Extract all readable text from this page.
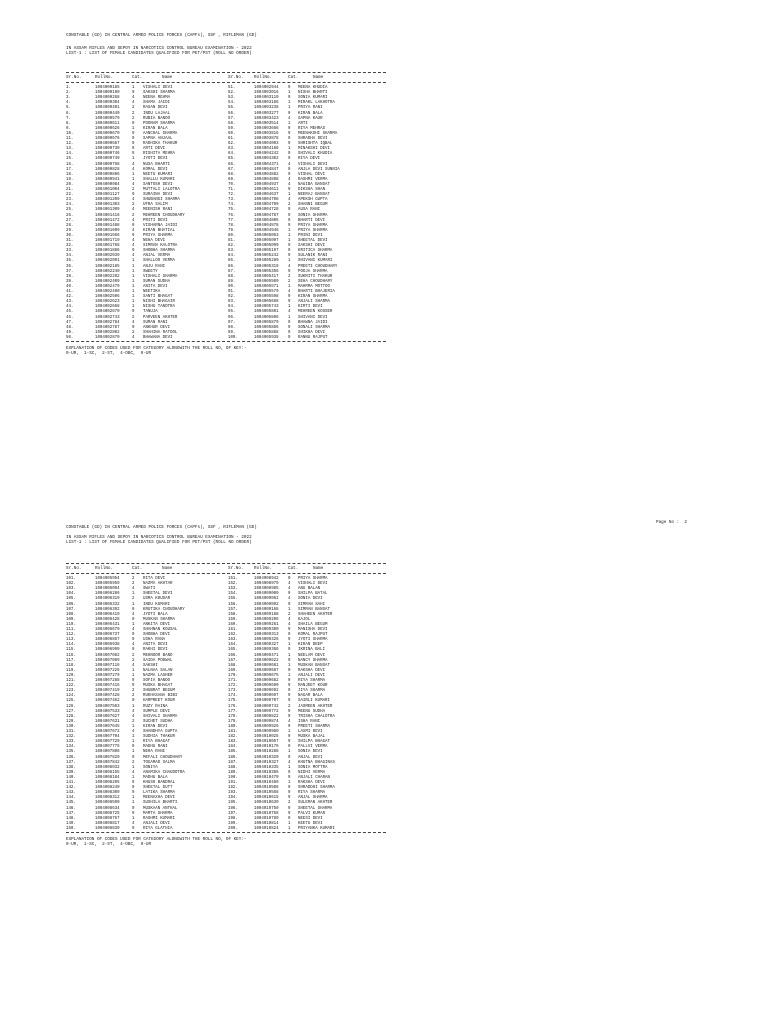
CONSTABLE (GD) IN CENTRAL ARMED POLICE FORCES (CAPFs), SSF , RIFLEMAN (GD)
IN ASSAM RIFLES AND SEPOY IN NARCOTICS CONTROL BUREAU EXAMINATION - 2022
LIST-1 : LIST OF FEMALE CANDIDATES QUALIFIED FOR PET/PST (ROLL NO ORDER)
Sr.No.	RollNo.	Cat.	Name	Sr.No. RollNo.	Cat.	Name
1.	1004000185	1 VISHALI DEVI	51.	1004002944 9 MEENA KHUDIA
2.	1004000190	9 SAKSHI SHARMA	52.	1004003016 1 NISHA BHARTI
3.	1004000268	4 NEENA REHMA	53.	1004003110 9 SONIA KUMARI
4.	1004000304	4 SHAMA JAIDI	54.	1004003186 1 MIRAKL LAKHOTRA
5.	1004000401	2 RASAN DEVI	55.	1004003238 1 PRIYA RANI
6.	1004000440	2 INDU LAJAAL	56.	1004003277 9 KIRAN BALA
7.	1004000579	2 RUBIA BANOO	57.	1004003423 4 SAPNA KAUR
8.	1004000611	9 POONAM SHARMA	58.	1004003514 1 ARTI
9.	1004000626	1 KIRAN BALA	59.	1004003666 9 RIYA MEHRAS
10.	1004000670	9 AANCHAL SHARMA	60.	1004003816 9 MEENAKSHI SHARMA
11.	1004000676	9 SAPNA ANJAAL	61.	1004003878 9 SHRADHA DEVI
12.	1004000687	9 RADHIKA THAKUR	62.	1004004003 9 SHRISHTA IQBAL
13.	1004000730	9 ARTI DEVI	63.	1004004186 1 MINAKSHI DEVI
14.	1004000746	9 RISHITA MEHRA	64.	1004004242 9 SHIVALI KHUDIA
15.	1004000749	1 JYOTI DEVI	65.	1004004302 9 RIYA DEVI
16.	1004000768	4 NUSA BHARTI	66.	1004004371 4 VISHALI DEVI
17.	1004000828	4 KOMAL DEVI	67.	1004004847 9 ANJLA DEVI SUNNIA
18.	1004000896	1 NEETU KUMARI	68.	1004004882 9 VISHAL DEVI
19.	1004000941	1 SHALLU KUMARI	69.	1004004898 4 RASHMI VERMA
20.	1004000984	4 SANTOSH DEVI	70.	1004004937 4 NAUIBA BANSAT
21.	1004001004	2 MUTTALI LALOTRA	71.	1004004611 9 DIKSHA SHAN
22.	1004001127	9 SURAINA DEVI	72.	1004004637 1 NEERAJ BANSAT
23.	1004001209	4 SHUBANGI SHARMA	73.	1004004708 4 APEKSH GUPTA
24.	1004001303	2 UFRA SALIM	74.	1004004709 2 SHANNI BEGUM
25.	1004001309	4 MEENISH RANI	75.	1004004728 9 AUSA RANI
26.	1004001416	2 MEHREEN CHOUDHARY	76.	1004004787 9 SONIA SHARMA
27.	1004001472	4 PRITI DEVI	77.	1004004805 9 BHARTI DEVI
28.	1004001488	9 VISHARNA JAIDI	78.	1004004878 9 PRIYA SHARMA
29.	1004001609	4 KIRAN BHATIAL	79.	1004004946 1 PRIYA SHARMA
30.	1004001666	9 PRIYA SHARMA	80.	1004005063 1 PRINI DEVI
31.	1004001719	4 NEHA DEVI	81.	1004005097 1 SHEETAL DEVI
32.	1004001766	4 SIMRAN KALOTRA	82.	1004005099 9 SAKSHI DEVI
33.	1004001886	9 SHOBHA SHARMA	83.	1004005197 9 KRITICA SHARMA
34.	1004002039	4 ANJAL VERMA	84.	1004005242 9 SULANIK RANI
35.	1004002091	1 SHALLOO VERMA	85.	1004005280 1 SHIVANI KUMARI
36.	1004002185	1 ANJU RANI	86.	1004005319 4 PREETI CHOUDHARY
37.	1004002240	1 SWEETY	87.	1004005356 9 POOJA SHARMA
38.	1004002292	1 VISHALI SHARMA	88.	1004005417 2 SUKRITI THAKUR
39.	1004002409	1 SUMAN SUDHA	89.	1004005500 2 SEHA CHOUDHARY
40.	1004002479	1 ANITA DEVI	90.	1004005571 1 MAHRMA MOTTOO
41.	1004002490	1 NEETIKA	91.	1004005579 4 BHARTI BHAJERIA
42.	1004002506	1 SANTI BHAGAT	92.	1004005598 9 KIRAN SHARMA
43.	1004002623	1 NISHI BHAGAIR	93.	1004005668 9 ANJALI SHARMA
44.	1004002668	1 NISHU TANOTRA	94.	1004005743 1 KIRTI DEVI
45.	1004002670	9 TANUJA	95.	1004005801 4 MEHREEN KOSSER
46.	1004002743	2 PARVEEN AKHTER	96.	1004005806 1 SHIVANI DEVI
47.	1004002784	4 SUMAN RANI	97.	1004005879 9 BHAWNA JAIDI
48.	1004002787	0 ANKHUR DEVI	98.	1004005886 9 SONALI SHARMA
49.	1004002802	2 SHAHINA RATOOL	99.	1004005888 9 SHIKHA DEVI
50.	1004002870	4 BHAWANA DEVI	100.	1004005938 9 RANNU RAJPUT
EXPLANATION OF CODES USED FOR CATEGORY ALONGWITH THE ROLL NO, OF KEY:-
0-UR,  1-SC,  2-ST,  4-OBC,  9-UR
Page No :  2
CONSTABLE (GD) IN CENTRAL ARMED POLICE FORCES (CAPFs), SSF , RIFLEMAN (GD)
IN ASSAM RIFLES AND SEPOY IN NARCOTICS CONTROL BUREAU EXAMINATION - 2022
LIST-1 : LIST OF FEMALE CANDIDATES QUALIFIED FOR PET/PST (ROLL NO ORDER)
Sr.No.	RollNo.	Cat.	Name	Sr.No. RollNo.	Cat.	Name
101.	1004005954	2 RITA DEVI	151.	1004008942 0 PRIYA SHARMA
102.	1004005959	2 NAZMA AKHTAR	152.	1004008979 4 VISHALI DEVI
103.	1004006094	4 SWATI	153.	1004008985 4 ANU BALAN
104.	1004006286	1 SHEETAL DEVI	154.	1004009000 9 SHILPA BATAL
105.	1004006319	2 USMA KOUSAR	155.	1004009062 4 SONIA DEVI
106.	1004006332	1 INDU KUMARI	156.	1004009092 9 SIMRAN SAHI
107.	1004006392	9 KRUTIKA CHOUDHARY	157.	1004009168 1 SIMRAN BANSAT
108.	1004006410	4 JYOTI BALA	158.	1004009188 2 SHAHEEN AKHTER
109.	1004006428	0 MUSKAN SHARMA	159.	1004009206 4 KAJOL
110.	1004006431	1 ANKITA DEVI	160.	1004009261 4 SHAILA BEGUM
111.	1004006670	4 SHAHNAN KOUSAL	161.	1004009300 9 MANISHA DEVI
112.	1004006737	9 SHOBHA DEVI	162.	1004009313 9 KOMAL RAJPUT
113.	1004006867	9 USHA RANA	163.	1004009326 9 JYOTI SHARMA
114.	1004006938	4 ANITA DEVI	164.	1004009327 1 KIRAN DEEP
115.	1004006999	9 RAKHI DEVI	165.	1004009366 9 IKRINA BALI
116.	1004007082	2 MEHNOOR BANO	166.	1004009471 1 NEELAM DEVI
117.	1004007089	2 SAIDA PODWAL	167.	1004009622 9 NANCY SHARMA
118.	1004007116	4 SAKSHI	168.	1004009681 1 MUSKAN BANSAT
119.	1004007226	1 NALNAA SALAN	169.	1004009687 0 RAKSHA DEVI
120.	1004007279	1 NAZMA LASHER	170.	1004009675 1 ANJALI DEVI
121.	1004007288	9 SOFIA BANOO	171.	1004009682 9 RIYA SHARMA
122.	1004007416	9 MUSKA BHAGAT	172.	1004009690 9 MANJEET KOUR
123.	1004007419	2 SHUBRAT BEGUM	173.	1004009692 9 JIYA SHARMA
124.	1004007428	2 RUKHASANA BIBI	174.	1004009697 9 NAGAR BALA
125.	1004007462	0 HARPREET KOUR	175.	1004009707 9 SAIRLI KUMARI
126.	1004007503	1 RUZY RAINA	176.	1004009742 2 JASMEEN AKHTER
127.	1004007533	4 SUMPLE DEVI	177.	1004009772 9 MEENU SUDHA
128.	1004007627	4 SHIVALI SHARMA	178.	1004009822 9 TRISHA CHALOTRA
129.	1004007631	2 SUCHET SUDHA	179.	1004009874 4 ISHA RANI
130.	1004007645	1 KIRAN DEVI	180.	1004009926 9 PREETI SHARMA
131.	1004007672	4 SHANDHYA GUPTA	181.	1004009980 1 LAXMI DEVI
132.	1004007704	1 SUDHIA THAKUR	182.	1004010025 9 MUSKA BAJAL
133.	1004007729	1 RIYA BHAGAT	183.	1004010057 9 SHILPA BHAGAT
134.	1004007776	9 MADHU RANI	184.	1004010176 9 PALLVI VERMA
135.	1004007808	1 NEHA RANI	185.	1004010288 1 SONIA DEVI
136.	1004007820	9 MEFALI CHOUDHARY	186.	1004010320 9 ANJAL DEVI
137.	1004007842	2 TOGAMAD SALMA	187.	1004010327 4 KHUTNA BHAGINAS
138.	1004008032	1 SONIYA	188.	1004010335 1 SONIA MOTTRA
139.	1004008155	4 ANAMIKA CHAUDOTRA	189.	1004010386 9 NIDHI VERMA
140.	1004008184	1 MADHU BALA	190.	1004010470 9 ANJALI CHARAN
141.	1004008205	9 KHUSH BANDRAL	191.	1004010480 1 RAKSHA DEVI
142.	1004008240	9 SHEETAL DUTT	192.	1004010508 9 SHRADDHI SHARMA
143.	1004008309	9 LATIKA SHARMA	193.	1004010568 9 RIYA SHARMA
144.	1004008312	1 MEENAXHA DEVI	194.	1004010615 9 ANJAL SHARMA
145.	1004008590	1 SUSHILA BHARTI	195.	1004010630 2 SULEMAN AKHTER
146.	1004008634	0 MUSKAAN ANTHAL	196.	1004010750 9 SHEETAL SHARMA
147.	1004008725	9 MAMTA SHARMA	197.	1004010768 9 PALVI KUMAR
148.	1004008767	1 RASHMI KUMARI	198.	1004010780 9 NEESI DEVI
149.	1004008817	4 ANJALI DEVI	199.	1004010814 1 KEETU DEVI
150.	1004008839	9 RIYA GLATHIA	200.	1004010824 1 PRIYANKA KUMARI
EXPLANATION OF CODES USED FOR CATEGORY ALONGWITH THE ROLL NO, OF KEY:-
0-UR,  1-SC,  2-ST,  4-OBC,  9-UR
